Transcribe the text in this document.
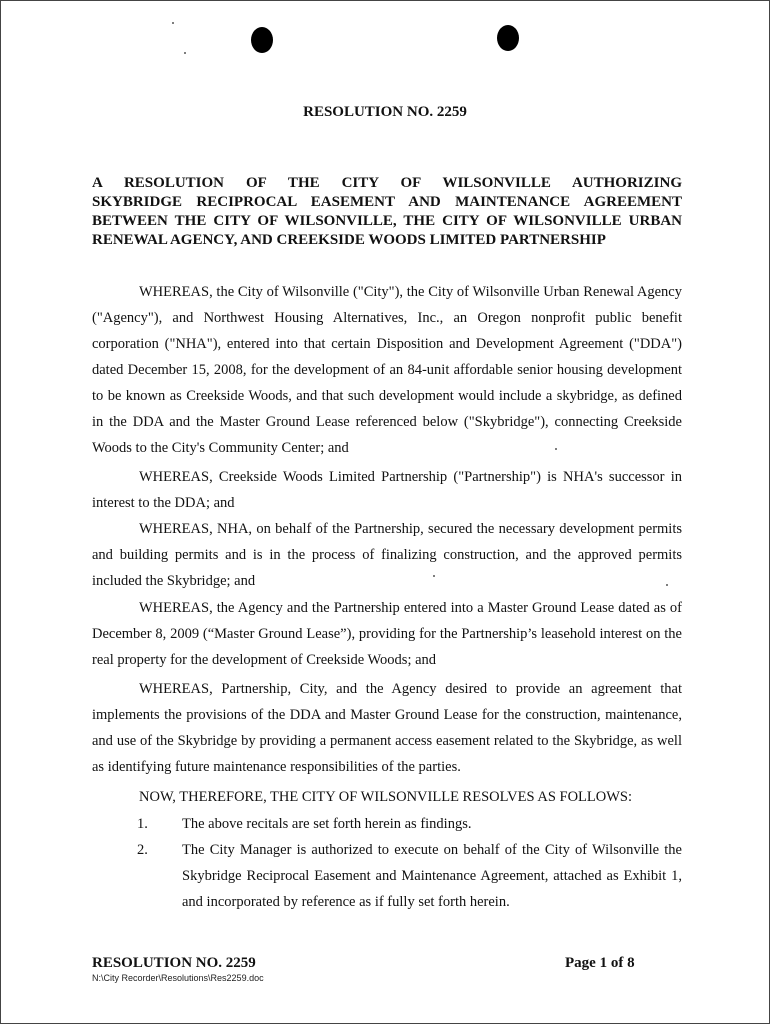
RESOLUTION NO. 2259
A RESOLUTION OF THE CITY OF WILSONVILLE AUTHORIZING
SKYBRIDGE RECIPROCAL EASEMENT AND MAINTENANCE AGREEMENT
BETWEEN THE CITY OF WILSONVILLE, THE CITY OF WILSONVILLE URBAN
RENEWAL AGENCY, AND CREEKSIDE WOODS LIMITED PARTNERSHIP

WHEREAS, the City of Wilsonville ("City"), the City of Wilsonville Urban Renewal Agency ("Agency"), and Northwest Housing Alternatives, Inc., an Oregon nonprofit public benefit corporation ("NHA"), entered into that certain Disposition and Development Agreement ("DDA") dated December 15, 2008, for the development of an 84-unit affordable senior housing development to be known as Creekside Woods, and that such development would include a skybridge, as defined in the DDA and the Master Ground Lease referenced below ("Skybridge"), connecting Creekside Woods to the City's Community Center; and

WHEREAS, Creekside Woods Limited Partnership ("Partnership") is NHA's successor in interest to the DDA; and

WHEREAS, NHA, on behalf of the Partnership, secured the necessary development permits and building permits and is in the process of finalizing construction, and the approved permits included the Skybridge; and

WHEREAS, the Agency and the Partnership entered into a Master Ground Lease dated as of December 8, 2009 (“Master Ground Lease”), providing for the Partnership’s leasehold interest on the real property for the development of Creekside Woods; and

WHEREAS, Partnership, City, and the Agency desired to provide an agreement that implements the provisions of the DDA and Master Ground Lease for the construction, maintenance, and use of the Skybridge by providing a permanent access easement related to the Skybridge, as well as identifying future maintenance responsibilities of the parties.

NOW, THEREFORE, THE CITY OF WILSONVILLE RESOLVES AS FOLLOWS:

1. The above recitals are set forth herein as findings.
2. The City Manager is authorized to execute on behalf of the City of Wilsonville the Skybridge Reciprocal Easement and Maintenance Agreement, attached as Exhibit 1, and incorporated by reference as if fully set forth herein.
RESOLUTION NO. 2259
N:\City Recorder\Resolutions\Res2259.doc
Page 1 of 8
